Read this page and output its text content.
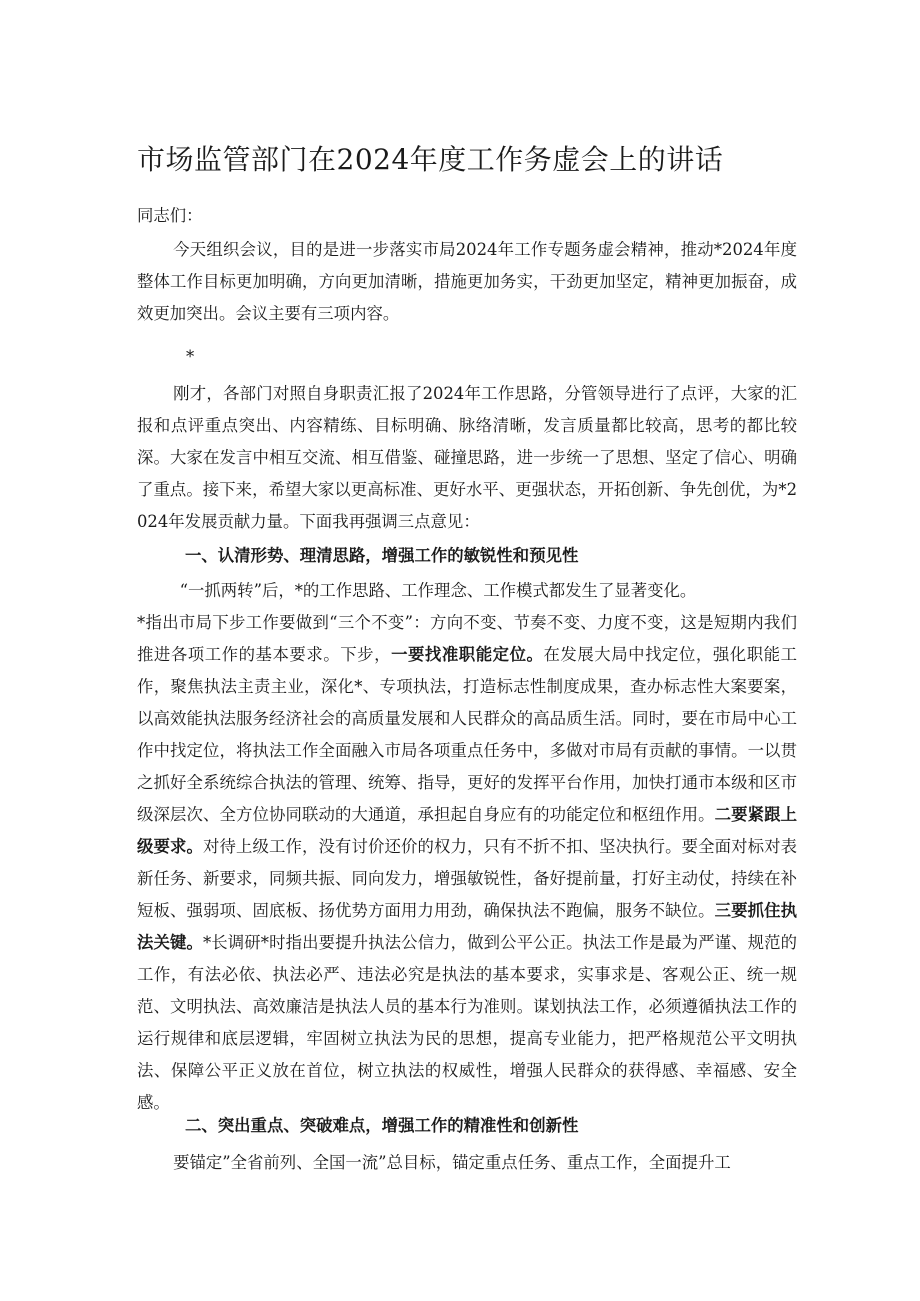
市场监管部门在2024年度工作务虚会上的讲话
同志们：
今天组织会议，目的是进一步落实市局2024年工作专题务虚会精神，推动*2024年度整体工作目标更加明确，方向更加清晰，措施更加务实，干劲更加坚定，精神更加振奋，成效更加突出。会议主要有三项内容。
*
刚才，各部门对照自身职责汇报了2024年工作思路，分管领导进行了点评，大家的汇报和点评重点突出、内容精练、目标明确、脉络清晰，发言质量都比较高，思考的都比较深。大家在发言中相互交流、相互借鉴、碰撞思路，进一步统一了思想、坚定了信心、明确了重点。接下来，希望大家以更高标准、更好水平、更强状态，开拓创新、争先创优，为*2024年发展贡献力量。下面我再强调三点意见：
一、认清形势、理清思路，增强工作的敏锐性和预见性
“一抓两转”后，*的工作思路、工作理念、工作模式都发生了显著变化。
*指出市局下步工作要做到“三个不变”：方向不变、节奏不变、力度不变，这是短期内我们推进各项工作的基本要求。下步，一要找准职能定位。在发展大局中找定位，强化职能工作，聚焦执法主责主业，深化*、专项执法，打造标志性制度成果，查办标志性大案要案，以高效能执法服务经济社会的高质量发展和人民群众的高品质生活。同时，要在市局中心工作中找定位，将执法工作全面融入市局各项重点任务中，多做对市局有贡献的事情。一以贯之抓好全系统综合执法的管理、统筹、指导，更好的发挥平台作用，加快打通市本级和区市级深层次、全方位协同联动的大通道，承担起自身应有的功能定位和枢纽作用。二要紧跟上级要求。对待上级工作，没有讨价还价的权力，只有不折不扣、坚决执行。要全面对标对表新任务、新要求，同频共振、同向发力，增强敏锐性，备好提前量，打好主动仗，持续在补短板、强弱项、固底板、扬优势方面用力用劲，确保执法不跑偏，服务不缺位。三要抓住执法关键。*长调研*时指出要提升执法公信力，做到公平公正。执法工作是最为严谨、规范的工作，有法必依、执法必严、违法必究是执法的基本要求，实事求是、客观公正、统一规范、文明执法、高效廉洁是执法人员的基本行为准则。谋划执法工作，必须遵循执法工作的运行规律和底层逻辑，牢固树立执法为民的思想，提高专业能力，把严格规范公平文明执法、保障公平正义放在首位，树立执法的权威性，增强人民群众的获得感、幸福感、安全感。
二、突出重点、突破难点，增强工作的精准性和创新性
要锚定”全省前列、全国一流”总目标，锚定重点任务、重点工作，全面提升工
